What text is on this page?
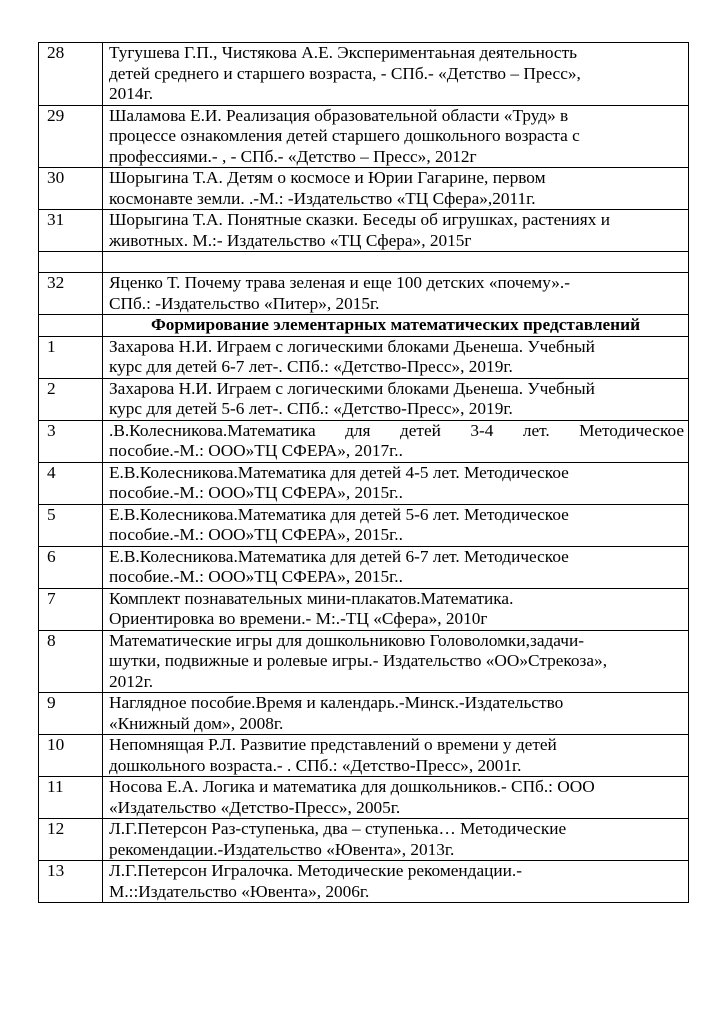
28	Тугушева Г.П., Чистякова А.Е. Экспериментаьная деятельность
детей среднего и старшего возраста, - СПб.- «Детство – Пресс»,
2014г.

29	Шаламова Е.И. Реализация образовательной области «Труд» в
процессе ознакомления детей старшего дошкольного возраста с
профессиями.- , - СПб.- «Детство – Пресс», 2012г

30	Шорыгина Т.А. Детям о космосе и Юрии Гагарине, первом
космонавте земли. .-М.: -Издательство «ТЦ Сфера»,2011г.

31	Шорыгина Т.А. Понятные сказки. Беседы об игрушках, растениях и
животных. М.:- Издательство «ТЦ Сфера», 2015г

32	Яценко Т. Почему трава зеленая и еще 100 детских «почему».-
СПб.: -Издательство «Питер», 2015г.

	Формирование элементарных математических представлений
1	Захарова Н.И. Играем с логическими блоками Дьенеша. Учебный
курс для детей 6-7 лет-. СПб.: «Детство-Пресс», 2019г.

2	Захарова Н.И. Играем с логическими блоками Дьенеша. Учебный
курс для детей 5-6 лет-. СПб.: «Детство-Пресс», 2019г.

3	.В.Колесникова.Математика для детей 3-4 лет. Методическое
пособие.-М.: ООО»ТЦ СФЕРА», 2017г..

4	Е.В.Колесникова.Математика для детей 4-5 лет. Методическое
пособие.-М.: ООО»ТЦ СФЕРА», 2015г..

5	Е.В.Колесникова.Математика для детей 5-6 лет. Методическое
пособие.-М.: ООО»ТЦ СФЕРА», 2015г..

6	Е.В.Колесникова.Математика для детей 6-7 лет. Методическое
пособие.-М.: ООО»ТЦ СФЕРА», 2015г..

7	Комплект познавательных мини-плакатов.Математика.
Ориентировка во времени.- М:.-ТЦ «Сфера», 2010г

8	Математические игры для дошкольниковю Головоломки,задачи-
шутки, подвижные и ролевые игры.- Издательство «ОО»Стрекоза»,
2012г.

9	Наглядное пособие.Время и календарь.-Минск.-Издательство
«Книжный дом», 2008г.

10	Непомнящая Р.Л. Развитие представлений о времени у детей
дошкольного возраста.- . СПб.: «Детство-Пресс», 2001г.

11	Носова Е.А. Логика и математика для дошкольников.- СПб.: ООО
«Издательство «Детство-Пресс», 2005г.

12	Л.Г.Петерсон Раз-ступенька, два – ступенька… Методические
рекомендации.-Издательство «Ювента», 2013г.

13	Л.Г.Петерсон Игралочка. Методические рекомендации.-
М.::Издательство «Ювента», 2006г.
